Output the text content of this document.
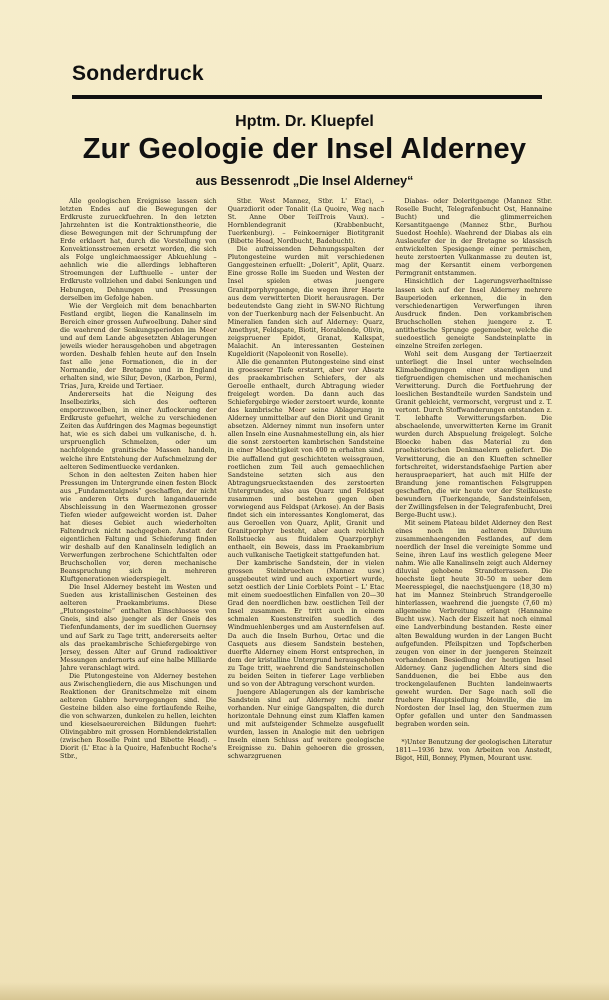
Sonderdruck
Hptm. Dr. Kluepfel
Zur Geologie der Insel Alderney
aus Bessenrodt „Die Insel Alderney“

Alle geologischen Ereignisse lassen sich letzten Endes auf die Bewegungen der Erdkruste zurueckfuehren. In den letzten Jahrzehnten ist die Kontraktionstheorie, die diese Bewegungen mit der Schrumpfung der Erde erklaert hat, durch die Vorstellung von Konvektionsstroemen ersetzt worden, die sich als Folge ungleichmaessiger Abkuehlung – aehnlich wie die allerdings lebhafteren Stroemungen der Lufthuelle – unter der Erdkruste vollziehen und dabei Senkungen und Hebungen, Dehnungen und Pressungen derselben im Gefolge haben.

Wie der Vergleich mit dem benachbarten Festland ergibt, liegen die Kanalinseln im Bereich einer grossen Aufwoelbung. Daher sind die waehrend der Senkungsperioden im Meer und auf dem Lande abgesetzten Ablagerungen jeweils wieder herausgehoben und abgetragen worden. Deshalb fehlen heute auf den Inseln fast alle jene Formationen, die in der Normandie, der Bretagne und in England erhalten sind, wie Silur, Devon, (Karbon, Perm), Trias, Jura, Kreide und Tertiaer.

Andererseits hat die Neigung des Inselbezirks, sich des oefteren emporzuwoelben, in einer Auflockerung der Erdkruste gefuehrt, welche zu verschiedenen Zeiten das Aufdringen des Magmas begeunstigt hat, wie es sich dabei um vulkanische, d. h. urspruenglich Schmelzen, oder um nachfolgende granitische Massen handeln, welche ihre Entstehung der Aufschmelzung der aelteren Sedimentluecke verdanken.

Schon in den aeltesten Zeiten haben hier Pressungen im Untergrunde einen festen Block aus „Fundamentalgneis“ geschaffen, der nicht wie anderen Orts durch langandauernde Abschleissung in den Waermezonen grosser Tiefen wieder aufgeweicht worden ist. Daher hat dieses Gebiet auch wiederholten Faltendruck nicht nachgegeben. Anstatt der eigentlichen Faltung und Schieferung finden wir deshalb auf den Kanalinseln lediglich an Verwerfungen zerbrochene Schichtfalten oder Bruchschollen vor, deren mechanische Beanspruchung sich in mehreren Kluftgenerationen wiederspiegelt.

Die Insel Alderney besteht im Westen und Sueden aus kristallinischen Gesteinen des aelteren Praekambriums. Diese „Plutongesteine“ enthalten Einschluesse von Gneis, sind also juenger als der Gneis des Tiefenfundaments, der im suedlichen Guernsey und auf Sark zu Tage tritt, andererseits aelter als das praekambrische Schiefergebirge von Jersey, dessen Alter auf Grund radioaktiver Messungen andernorts auf eine halbe Milliarde Jahre veranschlagt wird.

Die Plutongesteine von Alderney bestehen aus Zwischengliedern, die aus Mischungen und Reaktionen der Granitschmelze mit einem aelteren Gabbro hervorgegangen sind. Die Gesteine bilden also eine fortlaufende Reihe, die von schwarzen, dunkelen zu hellen, leichten und kieselsaeurereichen Bildungen fuehrt: Olivingabbro mit grossen Hornblendekristallen (zwischen Roselle Point und Bibette Head). – Diorit (L' Etac à la Quoire, Hafenbucht Roche's Stbr.,

Stbr. West Mannez, Stbr. L' Etac), – Quarzdiorit oder Tonalit (La Quoire, Weg nach St. Anne Ober TeilTrois Vaux). – Hornblendegranit (Krabbenbucht, Tuerkenburg). – Feinkoerniger Biotitgranit (Bibette Head, Nordbucht, Badebucht).

Die aufreissenden Dehnungsspalten der Plutongesteine wurden mit verschiedenen Ganggesteinen erfuellt: „Dolerit“, Aplit, Quarz. Eine grosse Rolle im Sueden und Westen der Insel spielen etwas juengere Granitporphyrgaenge, die wegen ihrer Haerte aus dem verwitterten Diorit herausragen. Der bedeutendste Gang zieht in SW-NO Richtung von der Tuerkenburg nach der Felsenbucht. An Mineralien fanden sich auf Alderney: Quarz, Amethyst, Feldspate, Biotit, Horablende, Olivin, zeigspruener Epidot, Granat, Kalkspat, Malachit. An interessanten Gesteinen Kugeldiorit (Napoleonit von Roselle).

Alle die genannten Plutongesteine sind einst in groesserer Tiefe erstarrt, aber vor Absatz des praekambrischen Schiefers, der als Geroelle enthaelt, durch Abtragung wieder freigelegt worden. Da dann auch das Schiefergebirge wieder zerstoert wurde, konnte das kambrische Meer seine Ablagerung in Alderney unmittelbar auf den Diorit und Granit absetzen. Alderney nimmt nun insofern unter allen Inseln eine Ausnahmestellung ein, als hier die sonst zerstoerten kambrischen Sandsteine in einer Maechtigkeit von 400 m erhalten sind. Die auffallend gut geschichteten weissgrauen, roetlichen zum Teil auch gemaechlichen Sandsteine setzten sich aus den Abtragungsrueckstaenden des zerstoerten Untergrundes, also aus Quarz und Feldspat zusammen und bestehen gegen oben vorwiegend aus Feldspat (Arkose). An der Basis findet sich ein interessantes Konglomerat, das aus Geroellen von Quarz, Aplit, Granit und Granitporphyr besteht, aber auch reichlich Rollstuecke aus fluidalem Quarzporphyr enthaelt, ein Beweis, dass im Praekambrium auch vulkanische Taetigkeit stattgefunden hat.

Der kambrische Sandstein, der in vielen grossen Steinbruechen (Mannez usw.) ausgebeutet wird und auch exportiert wurde, setzt oestlich der Linie Corblets Point – L' Etac mit einem suedoestlichen Einfallen von 20—30 Grad den noerdlichen bzw. oestlichen Teil der Insel zusammen. Er tritt auch in einem schmalen Kuestenstreifen suedlich des Windmuehlenberges und am Austernfelsen auf. Da auch die Inseln Burhou, Ortac und die Casquets aus diesem Sandstein bestehen, duerfte Alderney einem Horst entsprechen, in dem der kristalline Untergrund herausgehoben zu Tage tritt, waehrend die Sandsteinschollen zu beiden Seiten in tieferer Lage verblieben und so von der Abtragung verschont wurden.

Juengere Ablagerungen als der kambrische Sandstein sind auf Alderney nicht mehr vorhanden. Nur einige Gangspalten, die durch horizontale Dehnung einst zum Klaffen kamen und mit aufsteigender Schmelze ausgefuellt wurden, lassen in Analogie mit den uebrigen Inseln einen Schluss auf weitere geologische Ereignisse zu. Dahin gehoeren die grossen, schwarzgruenen

Diabas- oder Doleritgaenge (Mannez Stbr. Roselle Bucht, Telegrafenbucht Ost, Hannaine Bucht) und die glimmerreichen Kersantitgaenge (Mannez Stbr., Burhou Suedost Hoehle). Waehrend der Diabas als ein Auslaeufer der in der Bretagne so klassisch entwickelten Spesigaenge einer permischen, heute zerstoerten Vulkanmasse zu deuten ist, mag der Kersantit einem verborgenen Permgranit entstammen.

Hinsichtlich der Lagerungsverhaeltnisse lassen sich auf der Insel Alderney mehrere Bauperioden erkennen, die in den verschiedenartigen Verwerfungen ihren Ausdruck finden. Den vorkambrischen Bruchschollen stehen juengere z. T. antithetische Sprunge gegenueber, welche die suedoestlich geneigte Sandsteinplatte in einzelne Streifen zerlegen.

Wohl seit dem Ausgang der Tertiaerzeit unterliegt die Insel unter wechselnden Klimabedingungen einer staendigen und tiefgruendigen chemischen und mechanischen Verwitterung. Durch die Fortfuehrung der loeslichen Bestandteile wurden Sandstein und Granit gebleicht, vermorscht, vergrust und z. T. vertont. Durch Stoffwanderungen entstanden z. T. lebhafte Verwitterungsfarben. Die abschaelende, unverwitterten Kerne im Granit wurden durch Abspuelung freigelegt. Solche Bloecke haben das Material zu den praehistorischen Denkmaelern geliefert. Die Verwitterung, die an den Klueften schneller fortschreitet, widerstandsfaehige Partien aber herauspraepariert, hat auch mit Hilfe der Brandung jene romantischen Felsgruppen geschaffen, die wir heute vor der Steilkueste bewundern (Tuerkengande, Sandsteinfelsen, der Zwillingsfelsen in der Telegrafenbucht, Drei Berge-Bucht usw.).

Mit seinem Plateau bildet Alderney den Rest eines noch im aelteren Diluvium zusammenhaengenden Festlandes, auf dem noerdlich der Insel die vereinigte Somme und Seine, ihren Lauf ins westlich gelegene Meer nahm. Wie alle Kanalinseln zeigt auch Alderney diluvial gehobene Strandterrassen. Die hoechste liegt heute 30–50 m ueber dem Meeresspiegel, die naechstjuengere (18,30 m) hat im Mannez Steinbruch Strandgeroelle hinterlassen, waehrend die juengste (7,60 m) allgemeine Verbreitung erlangt (Hannaine Bucht usw.). Nach der Eiszeit hat noch einmal eine Landverbindung bestanden. Reste einer alten Bewaldung wurden in der Langen Bucht aufgefunden. Pfeilspitzen und Topfscherben zeugen von einer in der juengeren Steinzeit vorhandenen Besiedlung der heutigen Insel Alderney. Ganz jugendlichen Alters sind die Sandduenen, die bei Ebbe aus den trockengelaufenen Buchten landeinwaerts geweht wurden. Der Sage nach soll die fruehere Hauptsiedlung Moinville, die im Nordosten der Insel lag, den Stuermen zum Opfer gefallen und unter den Sandmassen begraben worden sein.

*)Unter Benutzung der geologischen Literatur 1811—1936 bzw. von Arbeiten von Anstedt, Bigot, Hill, Bonney, Plymen, Mourant usw.
